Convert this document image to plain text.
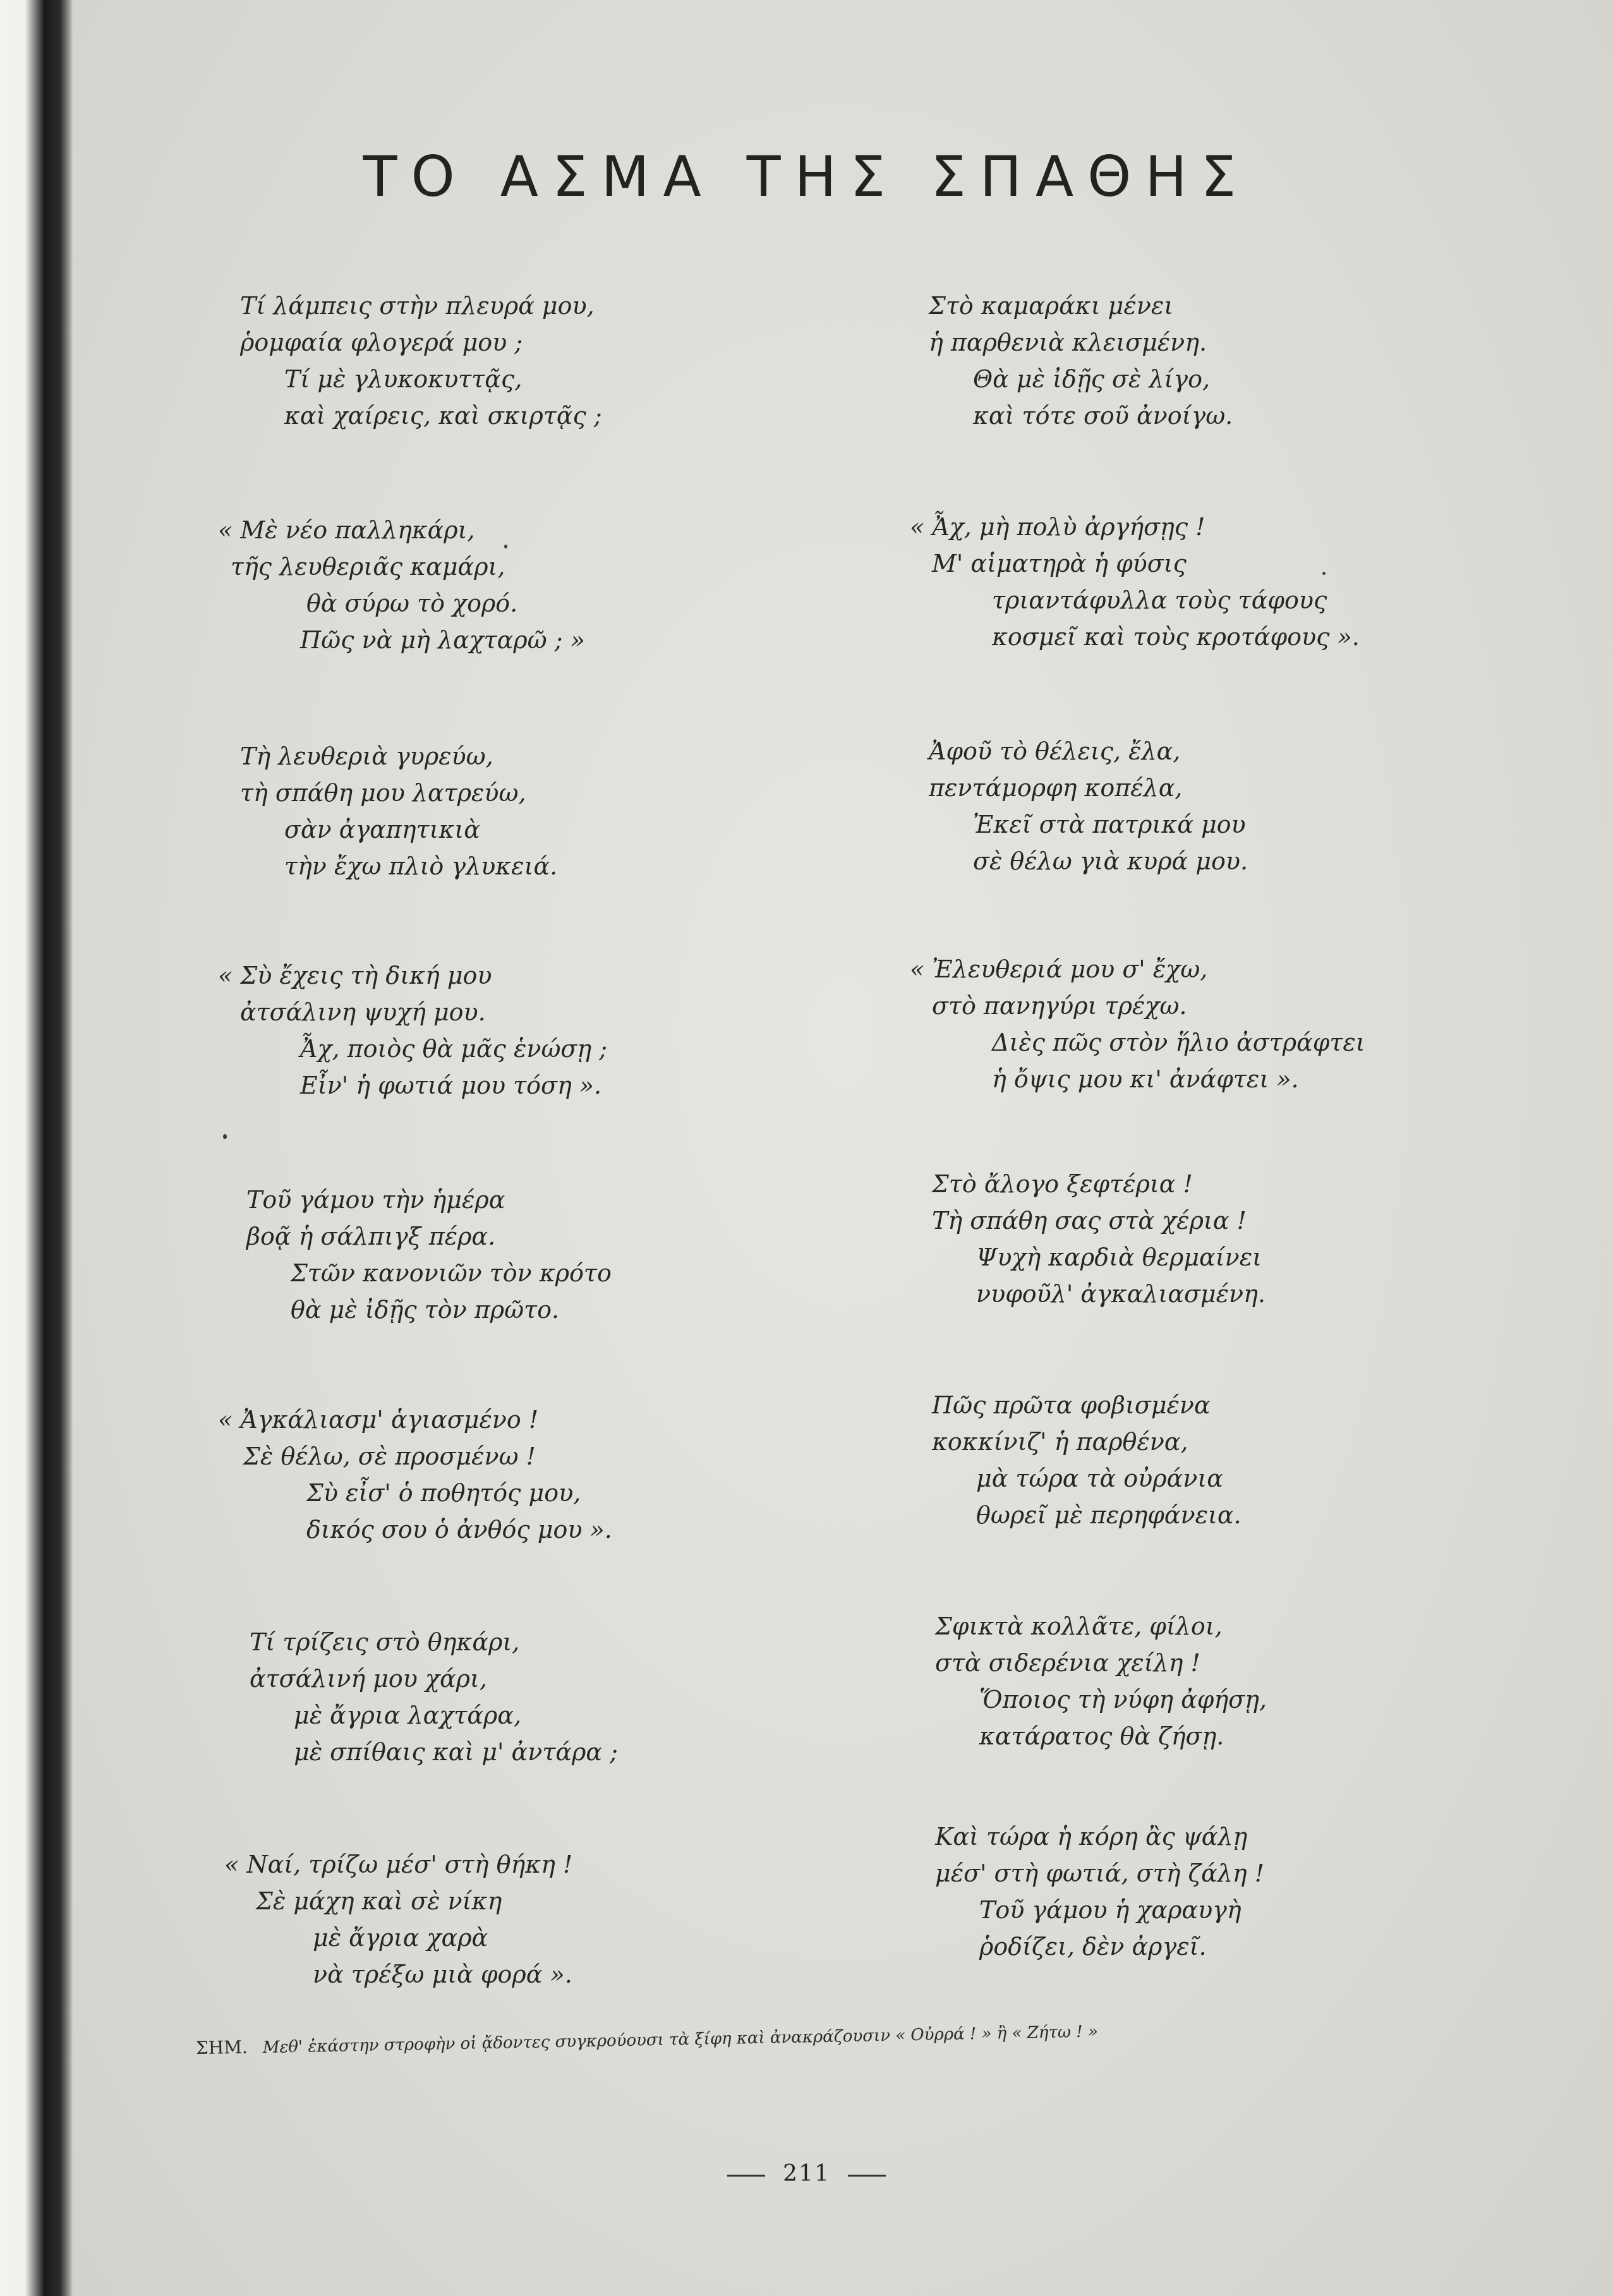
ΤΟ ΑΣΜΑ ΤΗΣ ΣΠΑΘΗΣ
Τί λάμπεις στὴν πλευρά μου,
ῥομφαία φλογερά μου ;
Τί μὲ γλυκοκυττᾷς,
καὶ χαίρεις, καὶ σκιρτᾷς ;
« Μὲ νέο παλληκάρι,
τῆς λευθεριᾶς καμάρι,
θὰ σύρω τὸ χορό.
Πῶς νὰ μὴ λαχταρῶ ; »
Τὴ λευθεριὰ γυρεύω,
τὴ σπάθη μου λατρεύω,
σὰν ἀγαπητικιὰ
τὴν ἔχω πλιὸ γλυκειά.
« Σὺ ἔχεις τὴ δική μου
ἀτσάλινη ψυχή μου.
Ἆχ, ποιὸς θὰ μᾶς ἑνώσῃ ;
Εἶν' ἡ φωτιά μου τόση ».
Τοῦ γάμου τὴν ἡμέρα
βοᾷ ἡ σάλπιγξ πέρα.
Στῶν κανονιῶν τὸν κρότο
θὰ μὲ ἰδῇς τὸν πρῶτο.
« Ἀγκάλιασμ' ἁγιασμένο !
Σὲ θέλω, σὲ προσμένω !
Σὺ εἶσ' ὁ ποθητός μου,
δικός σου ὁ ἀνθός μου ».
Τί τρίζεις στὸ θηκάρι,
ἀτσάλινή μου χάρι,
μὲ ἄγρια λαχτάρα,
μὲ σπίθαις καὶ μ' ἀντάρα ;
« Ναί, τρίζω μέσ' στὴ θήκη !
Σὲ μάχη καὶ σὲ νίκη
μὲ ἄγρια χαρὰ
νὰ τρέξω μιὰ φορά ».
Στὸ καμαράκι μένει
ἡ παρθενιὰ κλεισμένη.
Θὰ μὲ ἰδῇς σὲ λίγο,
καὶ τότε σοῦ ἀνοίγω.
« Ἆχ, μὴ πολὺ ἀργήσῃς !
Μ' αἱματηρὰ ἡ φύσις
τριαντάφυλλα τοὺς τάφους
κοσμεῖ καὶ τοὺς κροτάφους ».
Ἀφοῦ τὸ θέλεις, ἔλα,
πεντάμορφη κοπέλα,
Ἐκεῖ στὰ πατρικά μου
σὲ θέλω γιὰ κυρά μου.
« Ἐλευθεριά μου σ' ἔχω,
στὸ πανηγύρι τρέχω.
Διὲς πῶς στὸν ἥλιο ἀστράφτει
ἡ ὄψις μου κι' ἀνάφτει ».
Στὸ ἄλογο ξεφτέρια !
Τὴ σπάθη σας στὰ χέρια !
Ψυχὴ καρδιὰ θερμαίνει
νυφοῦλ' ἀγκαλιασμένη.
Πῶς πρῶτα φοβισμένα
κοκκίνιζ' ἡ παρθένα,
μὰ τώρα τὰ οὐράνια
θωρεῖ μὲ περηφάνεια.
Σφικτὰ κολλᾶτε, φίλοι,
στὰ σιδερένια χείλη !
Ὅποιος τὴ νύφη ἀφήσῃ,
κατάρατος θὰ ζήσῃ.
Καὶ τώρα ἡ κόρη ἂς ψάλῃ
μέσ' στὴ φωτιά, στὴ ζάλη !
Τοῦ γάμου ἡ χαραυγὴ
ῥοδίζει, δὲν ἀργεῖ.
ΣΗΜ. Μεθ' ἑκάστην στροφὴν οἱ ᾄδοντες συγκρούουσι τὰ ξίφη καὶ ἀνακράζουσιν « Οὐρρά ! » ἢ « Ζήτω ! »
211
